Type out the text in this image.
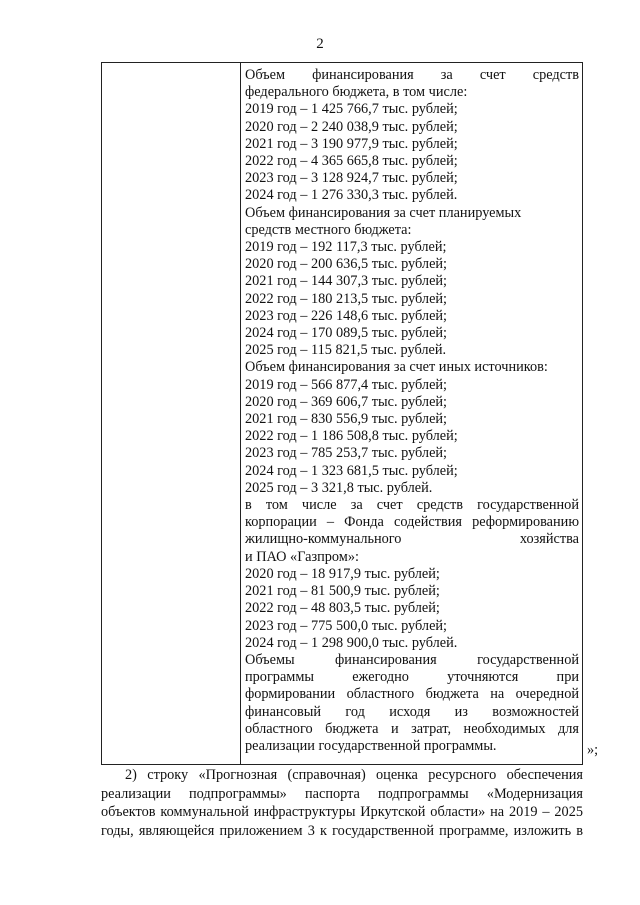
2
Объем финансирования за счет средств
федерального бюджета, в том числе:
2019 год – 1 425 766,7 тыс. рублей;
2020 год – 2 240 038,9 тыс. рублей;
2021 год – 3 190 977,9 тыс. рублей;
2022 год – 4 365 665,8 тыс. рублей;
2023 год – 3 128 924,7 тыс. рублей;
2024 год – 1 276 330,3 тыс. рублей.
Объем финансирования за счет планируемых
средств местного бюджета:
2019 год – 192 117,3 тыс. рублей;
2020 год – 200 636,5 тыс. рублей;
2021 год – 144 307,3 тыс. рублей;
2022 год – 180 213,5 тыс. рублей;
2023 год – 226 148,6 тыс. рублей;
2024 год – 170 089,5 тыс. рублей;
2025 год – 115 821,5 тыс. рублей.
Объем финансирования за счет иных источников:
2019 год – 566 877,4 тыс. рублей;
2020 год – 369 606,7 тыс. рублей;
2021 год – 830 556,9 тыс. рублей;
2022 год – 1 186 508,8 тыс. рублей;
2023 год – 785 253,7 тыс. рублей;
2024 год – 1 323 681,5 тыс. рублей;
2025 год – 3 321,8 тыс. рублей.
в том числе за счет средств государственной
корпорации – Фонда содействия реформированию
жилищно-коммунального хозяйства
и ПАО «Газпром»:
2020 год – 18 917,9 тыс. рублей;
2021 год – 81 500,9 тыс. рублей;
2022 год – 48 803,5 тыс. рублей;
2023 год – 775 500,0 тыс. рублей;
2024 год – 1 298 900,0 тыс. рублей.
Объемы финансирования государственной
программы ежегодно уточняются при
формировании областного бюджета на очередной
финансовый год исходя из возможностей
областного бюджета и затрат, необходимых для
реализации государственной программы.	»;
2) строку «Прогнозная (справочная) оценка ресурсного обеспечения
реализации подпрограммы» паспорта подпрограммы «Модернизация
объектов коммунальной инфраструктуры Иркутской области» на 2019 – 2025
годы, являющейся приложением 3 к государственной программе, изложить в
